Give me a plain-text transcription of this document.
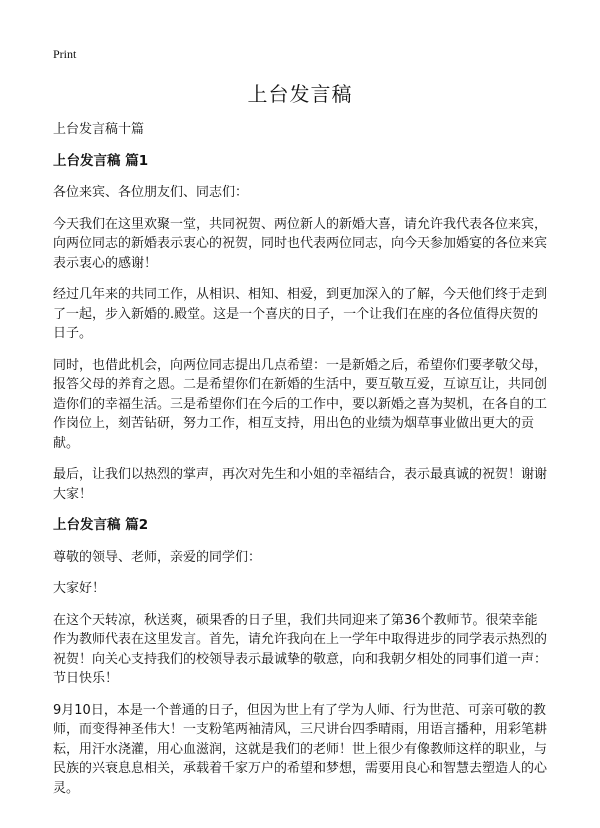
Print
上台发言稿

上台发言稿十篇

上台发言稿 篇1

各位来宾、各位朋友们、同志们：

今天我们在这里欢聚一堂，共同祝贺、两位新人的新婚大喜，请允许我代表各位来宾，向两位同志的新婚表示衷心的祝贺，同时也代表两位同志，向今天参加婚宴的各位来宾表示衷心的感谢！

经过几年来的共同工作，从相识、相知、相爱，到更加深入的了解，今天他们终于走到了一起，步入新婚的.殿堂。这是一个喜庆的日子，一个让我们在座的各位值得庆贺的日子。

同时，也借此机会，向两位同志提出几点希望：一是新婚之后，希望你们要孝敬父母，报答父母的养育之恩。二是希望你们在新婚的生活中，要互敬互爱，互谅互让，共同创造你们的幸福生活。三是希望你们在今后的工作中，要以新婚之喜为契机，在各自的工作岗位上，刻苦钻研，努力工作，相互支持，用出色的业绩为烟草事业做出更大的贡献。

最后，让我们以热烈的掌声，再次对先生和小姐的幸福结合，表示最真诚的祝贺！谢谢大家！

上台发言稿 篇2

尊敬的领导、老师，亲爱的同学们：

大家好！

在这个天转凉，秋送爽，硕果香的日子里，我们共同迎来了第36个教师节。很荣幸能作为教师代表在这里发言。首先，请允许我向在上一学年中取得进步的同学表示热烈的祝贺！向关心支持我们的校领导表示最诚挚的敬意，向和我朝夕相处的同事们道一声：节日快乐！

9月10日，本是一个普通的日子，但因为世上有了学为人师、行为世范、可亲可敬的教师，而变得神圣伟大！一支粉笔两袖清风，三尺讲台四季晴雨，用语言播种，用彩笔耕耘，用汗水浇灌，用心血滋润，这就是我们的老师！世上很少有像教师这样的职业，与民族的兴衰息息相关，承载着千家万户的希望和梦想，需要用良心和智慧去塑造人的心灵。
